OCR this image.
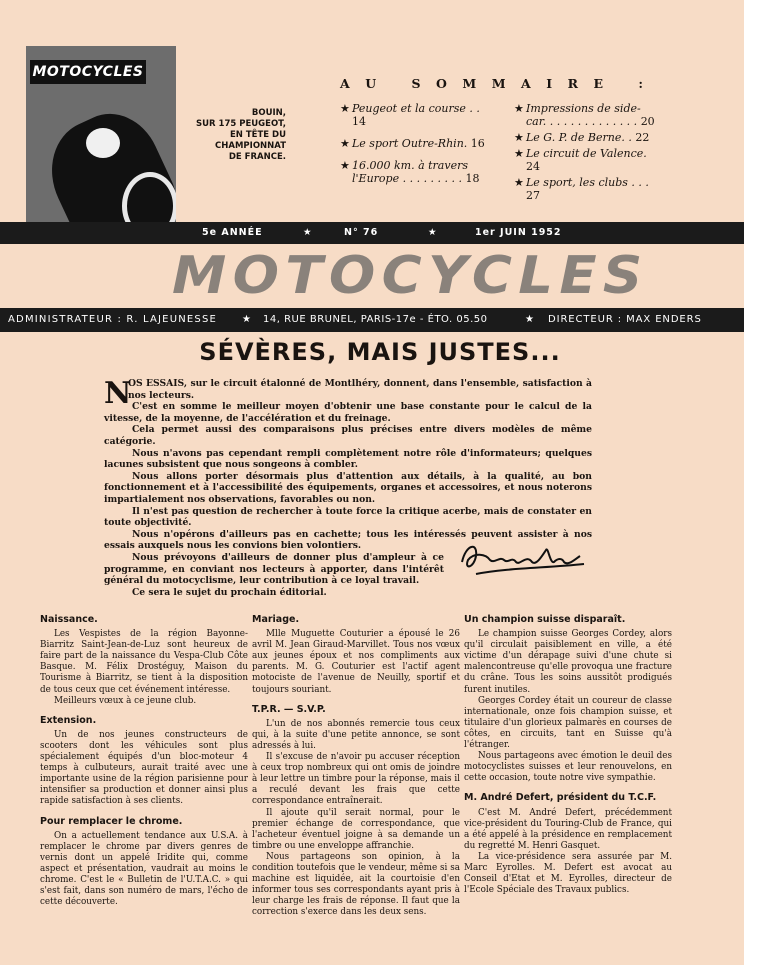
MOTOCYCLES
BOUIN,
SUR 175 PEUGEOT,
EN TÊTE DU
CHAMPIONNAT
DE FRANCE.
AU SOMMAIRE :
★ Peugeot et la course . . 14
★ Le sport Outre-Rhin. 16
★ 16.000 km. à travers l'Europe . . . . . . . . . 18
★ Impressions de side-car. . . . . . . . . . . . . . 20
★ Le G. P. de Berne. . 22
★ Le circuit de Valence. 24
★ Le sport, les clubs . . . 27
5e ANNÉE	★	N° 76	★	1er JUIN 1952
MOTOCYCLES
ADMINISTRATEUR : R. LAJEUNESSE ★ 14, RUE BRUNEL, PARIS-17e - ÉTO. 05.50	★ DIRECTEUR : MAX ENDERS
SÉVÈRES, MAIS JUSTES...
N

OS ESSAIS, sur le circuit étalonné de Montlhéry, donnent, dans l'ensemble, satisfaction à nos lecteurs.

C'est en somme le meilleur moyen d'obtenir une base constante pour le calcul de la vitesse, de la moyenne, de l'accélération et du freinage.

Cela permet aussi des comparaisons plus précises entre divers modèles de même catégorie.

Nous n'avons pas cependant rempli complètement notre rôle d'informateurs; quelques lacunes subsistent que nous songeons à combler.

Nous allons porter désormais plus d'attention aux détails, à la qualité, au bon fonctionnement et à l'accessibilité des équipements, organes et accessoires, et nous noterons impartialement nos observations, favorables ou non.

Il n'est pas question de rechercher à toute force la critique acerbe, mais de constater en toute objectivité.

Nous n'opérons d'ailleurs pas en cachette; tous les intéressés peuvent assister à nos essais auxquels nous les convions bien volontiers.

Nous prévoyons d'ailleurs de donner plus d'ampleur à ce programme, en conviant nos lecteurs à apporter, dans l'intérêt général du motocyclisme, leur contribution à ce loyal travail.

Ce sera le sujet du prochain éditorial.

Naissance.

Les Vespistes de la région Bayonne-Biarritz Saint-Jean-de-Luz sont heureux de faire part de la naissance du Vespa-Club Côte Basque. M. Félix Drostéguy, Maison du Tourisme à Biarritz, se tient à la disposition de tous ceux que cet événement intéresse.

Meilleurs vœux à ce jeune club.

Extension.

Un de nos jeunes constructeurs de scooters dont les véhicules sont plus spécialement équipés d'un bloc-moteur 4 temps à culbuteurs, aurait traité avec une importante usine de la région parisienne pour intensifier sa production et donner ainsi plus rapide satisfaction à ses clients.

Pour remplacer le chrome.

On a actuellement tendance aux U.S.A. à remplacer le chrome par divers genres de vernis dont un appelé Iridite qui, comme aspect et présentation, vaudrait au moins le chrome. C'est le « Bulletin de l'U.T.A.C. » qui s'est fait, dans son numéro de mars, l'écho de cette découverte.

Mariage.

Mlle Muguette Couturier a épousé le 26 avril M. Jean Giraud-Marvillet. Tous nos vœux aux jeunes époux et nos compliments aux parents. M. G. Couturier est l'actif agent motociste de l'avenue de Neuilly, sportif et toujours souriant.

T.P.R. — S.V.P.

L'un de nos abonnés remercie tous ceux qui, à la suite d'une petite annonce, se sont adressés à lui.

Il s'excuse de n'avoir pu accuser réception à ceux trop nombreux qui ont omis de joindre à leur lettre un timbre pour la réponse, mais il a reculé devant les frais que cette correspondance entraînerait.

Il ajoute qu'il serait normal, pour le premier échange de correspondance, que l'acheteur éventuel joigne à sa demande un timbre ou une enveloppe affranchie.

Nous partageons son opinion, à la condition toutefois que le vendeur, même si sa machine est liquidée, ait la courtoisie d'en informer tous ses correspondants ayant pris à leur charge les frais de réponse. Il faut que la correction s'exerce dans les deux sens.

Un champion suisse disparaît.

Le champion suisse Georges Cordey, alors qu'il circulait paisiblement en ville, a été victime d'un dérapage suivi d'une chute si malencontreuse qu'elle provoqua une fracture du crâne. Tous les soins aussitôt prodigués furent inutiles.

Georges Cordey était un coureur de classe internationale, onze fois champion suisse, et titulaire d'un glorieux palmarès en courses de côtes, en circuits, tant en Suisse qu'à l'étranger.

Nous partageons avec émotion le deuil des motocyclistes suisses et leur renouvelons, en cette occasion, toute notre vive sympathie.

M. André Defert, président du T.C.F.

C'est M. André Defert, précédemment vice-président du Touring-Club de France, qui a été appelé à la présidence en remplacement du regretté M. Henri Gasquet.

La vice-présidence sera assurée par M. Marc Eyrolles. M. Defert est avocat au Conseil d'Etat et M. Eyrolles, directeur de l'Ecole Spéciale des Travaux publics.
